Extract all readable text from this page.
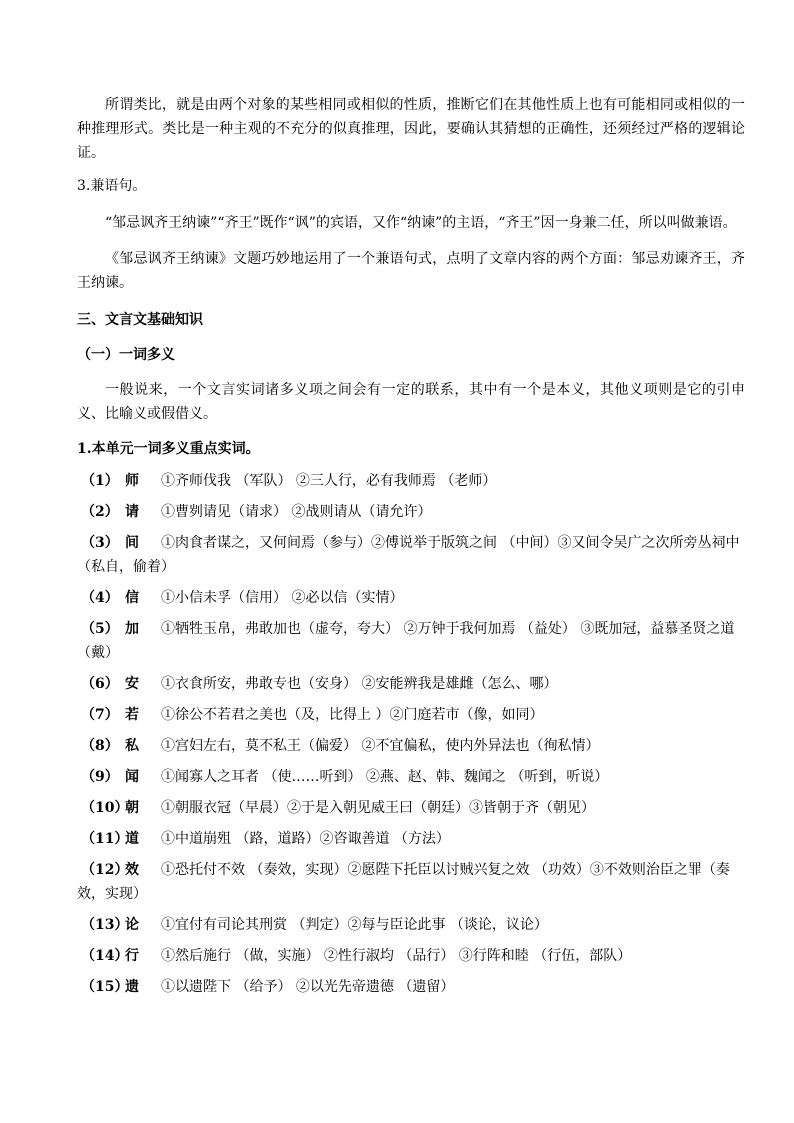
所谓类比，就是由两个对象的某些相同或相似的性质，推断它们在其他性质上也有可能相同或相似的一种推理形式。类比是一种主观的不充分的似真推理，因此，要确认其猜想的正确性，还须经过严格的逻辑论证。

3.兼语句。

“邹忌讽齐王纳谏”“齐王”既作“讽”的宾语，又作“纳谏”的主语，“齐王”因一身兼二任，所以叫做兼语。

《邹忌讽齐王纳谏》文题巧妙地运用了一个兼语句式，点明了文章内容的两个方面：邹忌劝谏齐王，齐王纳谏。

三、文言文基础知识

（一）一词多义

一般说来，一个文言实词诸多义项之间会有一定的联系，其中有一个是本义，其他义项则是它的引申义、比喻义或假借义。

1.本单元一词多义重点实词。

（1） 师 ①齐师伐我 （军队） ②三人行，必有我师焉 （老师）
（2） 请 ①曹刿请见（请求） ②战则请从（请允许）
（3） 间 ①肉食者谋之，又何间焉（参与）②傅说举于版筑之间 （中间）③又间令吴广之次所旁丛祠中（私自，偷着）
（4） 信 ①小信未孚（信用） ②必以信（实情）
（5） 加 ①牺牲玉帛，弗敢加也（虚夸，夸大） ②万钟于我何加焉 （益处） ③既加冠，益慕圣贤之道（戴）
（6） 安 ①衣食所安，弗敢专也（安身） ②安能辨我是雄雌（怎么、哪）
（7） 若 ①徐公不若君之美也（及，比得上 ）②门庭若市（像，如同）
（8） 私 ①宫妇左右，莫不私王（偏爱） ②不宜偏私，使内外异法也（徇私情）
（9） 闻 ①闻寡人之耳者 （使……听到） ②燕、赵、韩、魏闻之 （听到，听说）
（10）朝 ①朝服衣冠（早晨）②于是入朝见威王曰（朝廷）③皆朝于齐（朝见）
（11）道 ①中道崩殂 （路，道路）②咨诹善道 （方法）
（12）效 ①恐托付不效 （奏效，实现）②愿陛下托臣以讨贼兴复之效 （功效）③不效则治臣之罪（奏效，实现）
（13）论 ①宜付有司论其刑赏 （判定）②每与臣论此事 （谈论，议论）
（14）行 ①然后施行 （做，实施） ②性行淑均 （品行） ③行阵和睦 （行伍，部队）
（15）遗 ①以遗陛下 （给予） ②以光先帝遗德 （遗留）
